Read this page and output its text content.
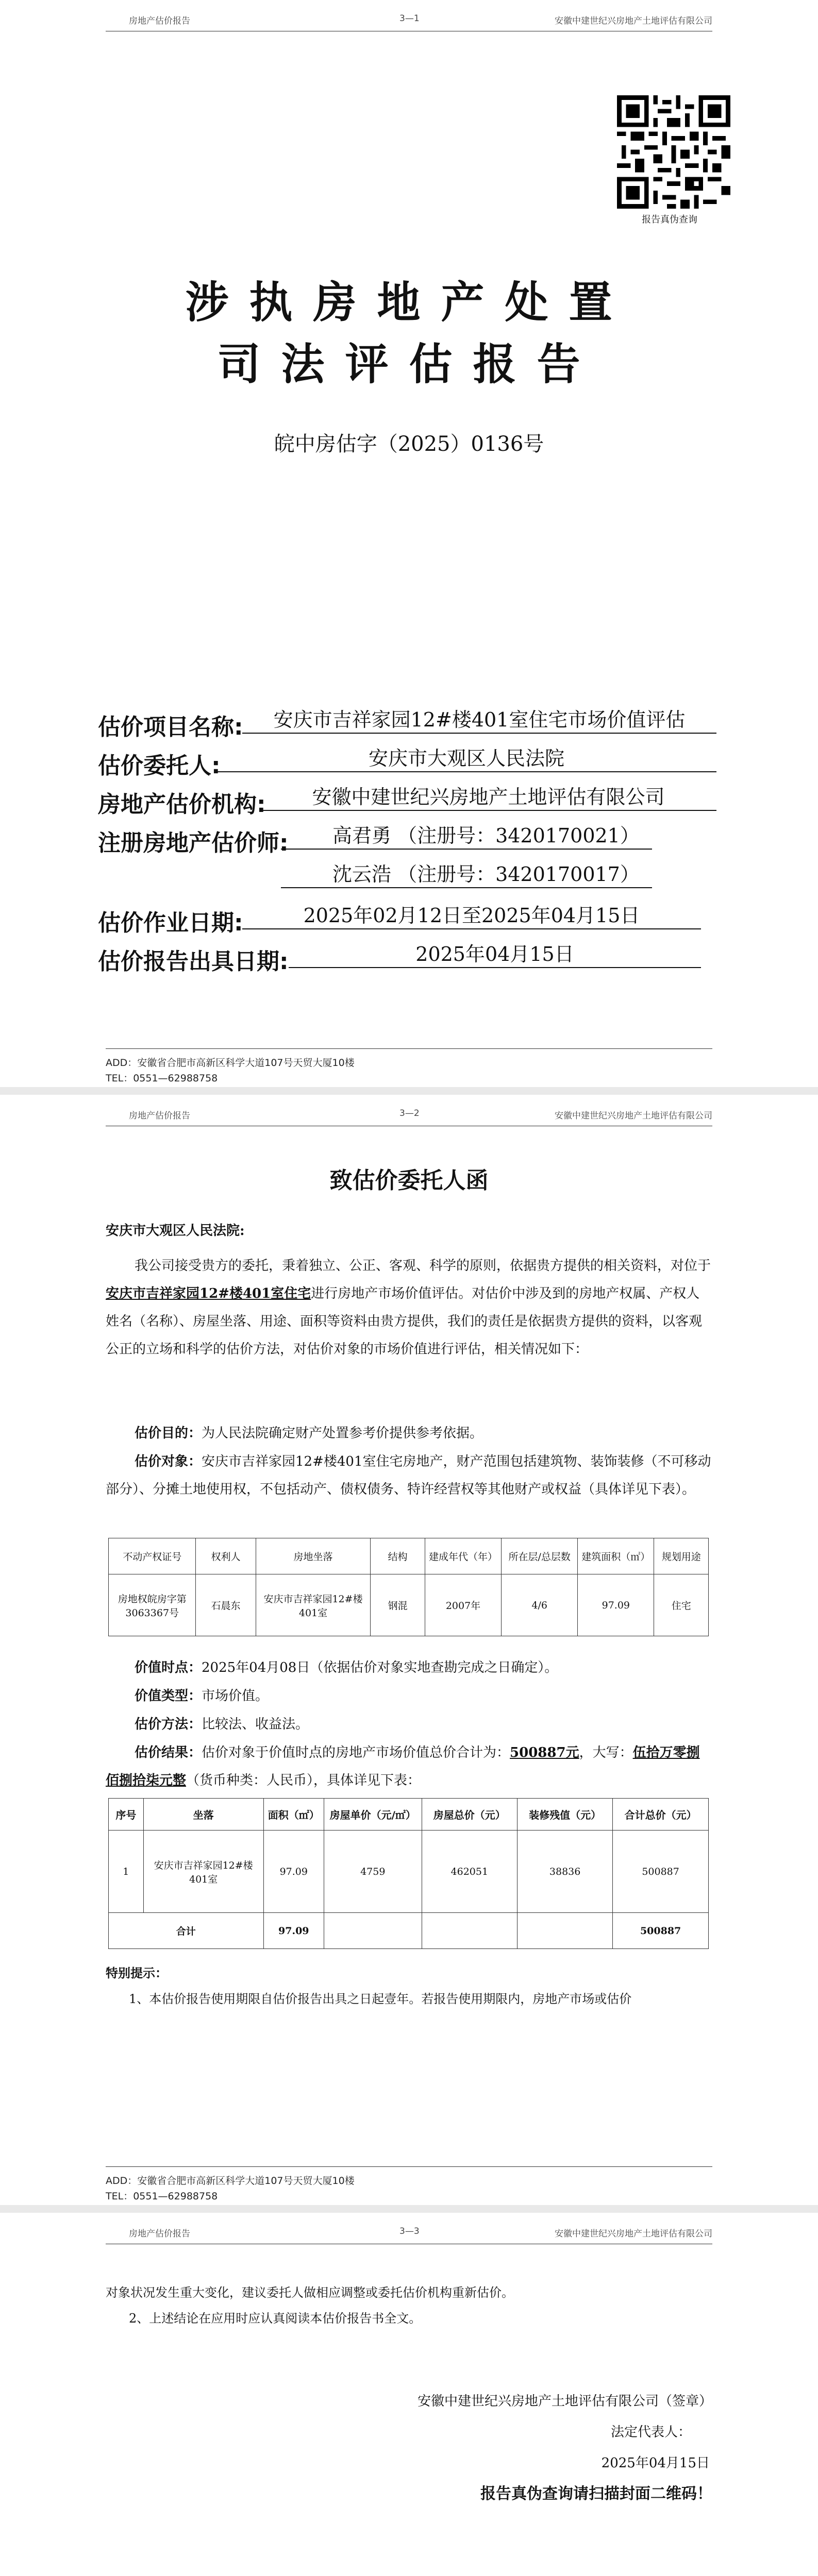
房地产估价报告	3—1	安徽中建世纪兴房地产土地评估有限公司
报告真伪查询
涉执房地产处置
司法评估报告
皖中房估字（2025）0136号
估价项目名称:	安庆市吉祥家园12#楼401室住宅市场价值评估
估价委托人:	安庆市大观区人民法院
房地产估价机构:	安徽中建世纪兴房地产土地评估有限公司
注册房地产估价师:	高君勇 （注册号：3420170021）
沈云浩 （注册号：3420170017）
估价作业日期:	2025年02月12日至2025年04月15日
估价报告出具日期:	2025年04月15日
ADD：安徽省合肥市高新区科学大道107号天贸大厦10楼
TEL：0551—62988758
房地产估价报告	3—2	安徽中建世纪兴房地产土地评估有限公司
致估价委托人函
安庆市大观区人民法院:
我公司接受贵方的委托，秉着独立、公正、客观、科学的原则，依据贵方提供的相关资料，对位于安庆市吉祥家园12#楼401室住宅进行房地产市场价值评估。对估价中涉及到的房地产权属、产权人姓名（名称）、房屋坐落、用途、面积等资料由贵方提供，我们的责任是依据贵方提供的资料，以客观公正的立场和科学的估价方法，对估价对象的市场价值进行评估，相关情况如下：
估价目的：为人民法院确定财产处置参考价提供参考依据。
估价对象：安庆市吉祥家园12#楼401室住宅房地产，财产范围包括建筑物、装饰装修（不可移动部分）、分摊土地使用权，不包括动产、债权债务、特许经营权等其他财产或权益（具体详见下表）。
不动产权证号	权利人	房地坐落	结构	建成年代（年）	所在层/总层数	建筑面积（㎡）	规划用途
房地权皖房字第3063367号	石晨东	安庆市吉祥家园12#楼401室	钢混	2007年	4/6	97.09	住宅
价值时点：2025年04月08日（依据估价对象实地查勘完成之日确定）。
价值类型：市场价值。
估价方法：比较法、收益法。
估价结果：估价对象于价值时点的房地产市场价值总价合计为：500887元，大写：伍拾万零捌佰捌拾柒元整（货币种类：人民币），具体详见下表：
序号	坐落	面积（㎡）	房屋单价（元/㎡）	房屋总价（元）	装修残值（元）	合计总价（元）
1	安庆市吉祥家园12#楼401室	97.09	4759	462051	38836	500887
合计		97.09				500887
特别提示：
1、本估价报告使用期限自估价报告出具之日起壹年。若报告使用期限内，房地产市场或估价
ADD：安徽省合肥市高新区科学大道107号天贸大厦10楼
TEL：0551—62988758
房地产估价报告	3—3	安徽中建世纪兴房地产土地评估有限公司
对象状况发生重大变化，建议委托人做相应调整或委托估价机构重新估价。
2、上述结论在应用时应认真阅读本估价报告书全文。
安徽中建世纪兴房地产土地评估有限公司（签章）
法定代表人：
2025年04月15日
报告真伪查询请扫描封面二维码！
